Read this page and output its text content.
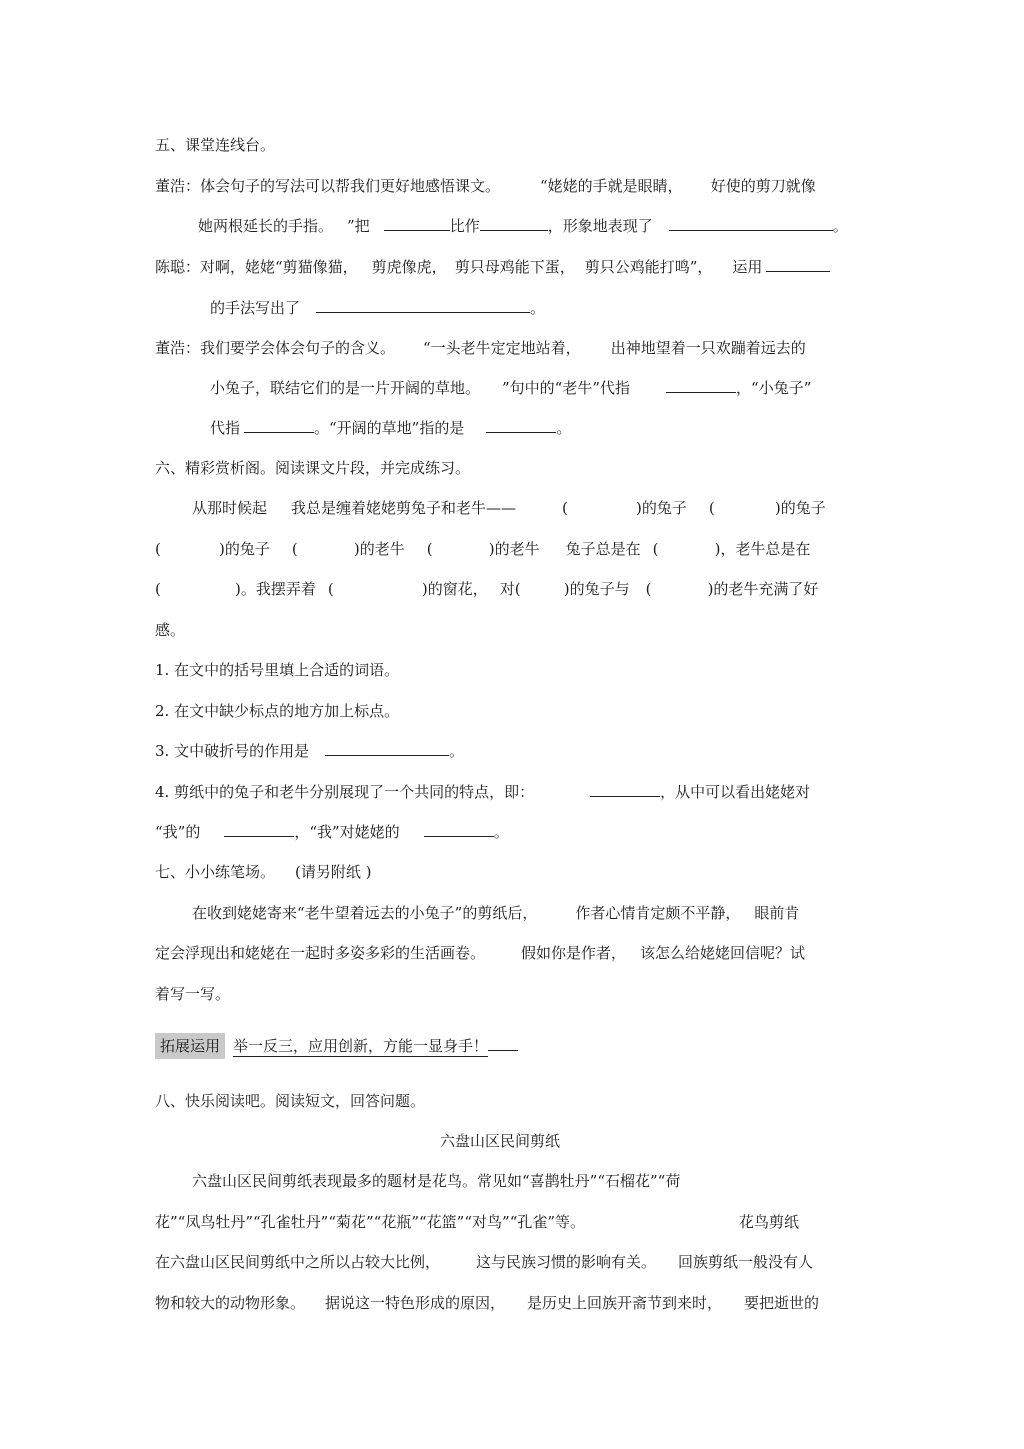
五、课堂连线台。
董浩：体会句子的写法可以帮我们更好地感悟课文。	“姥姥的手就是眼睛， 好使的剪刀就像
她两根延长的手指。 ”把	比作	，形象地表现了	。
陈聪：对啊，姥姥“剪猫像猫， 剪虎像虎， 剪只母鸡能下蛋， 剪只公鸡能打鸣”， 运用
的手法写出了	。
董浩：我们要学会体会句子的含义。 “一头老牛定定地站着， 出神地望着一只欢蹦着远去的
小兔子，联结它们的是一片开阔的草地。 ”句中的“老牛”代指	，“小兔子”
代指	。“开阔的草地”指的是	。
六、精彩赏析阁。阅读课文片段，并完成练习。
从那时候起 我总是缠着姥姥剪兔子和老牛——	(	)的兔子 (	)的兔子
(	)的兔子 (	)的老牛 (	)的老牛 兔子总是在 (	)，老牛总是在
(	)。我摆弄着 (	)的窗花， 对(	)的兔子与 (	)的老牛充满了好
感。
1. 在文中的括号里填上合适的词语。
2. 在文中缺少标点的地方加上标点。
3. 文中破折号的作用是	。
4. 剪纸中的兔子和老牛分别展现了一个共同的特点，即：	，从中可以看出姥姥对
“我”的	，“我”对姥姥的	。
七、小小练笔场。 (请另附纸 )
在收到姥姥寄来“老牛望着远去的小兔子”的剪纸后，	作者心情肯定颇不平静， 眼前肯
定会浮现出和姥姥在一起时多姿多彩的生活画卷。 假如你是作者， 该怎么给姥姥回信呢？试
着写一写。
拓展运用 举一反三，应用创新，方能一显身手！
八、快乐阅读吧。阅读短文，回答问题。
六盘山区民间剪纸
六盘山区民间剪纸表现最多的题材是花鸟。常见如“喜鹊牡丹”“石榴花”“荷
花”“凤鸟牡丹”“孔雀牡丹”“菊花”“花瓶”“花篮”“对鸟”“孔雀”等。	花鸟剪纸
在六盘山区民间剪纸中之所以占较大比例， 这与民族习惯的影响有关。 回族剪纸一般没有人
物和较大的动物形象。 据说这一特色形成的原因， 是历史上回族开斋节到来时， 要把逝世的
